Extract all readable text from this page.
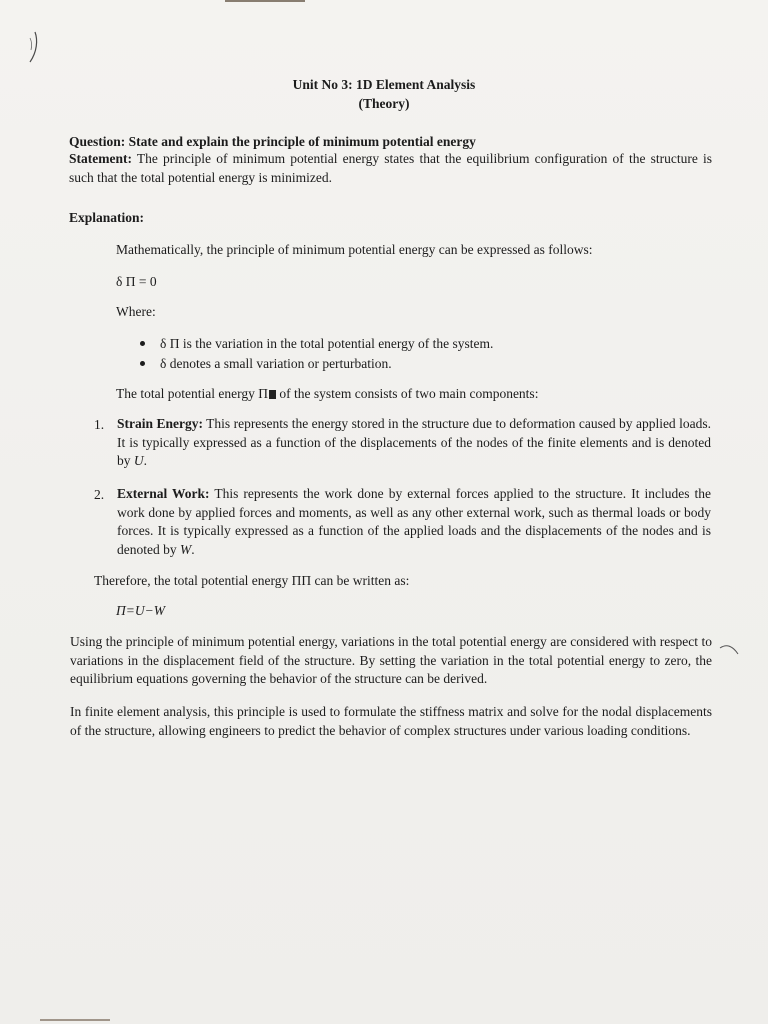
Unit No 3: 1D Element Analysis
(Theory)
Question: State and explain the principle of minimum potential energy
Statement: The principle of minimum potential energy states that the equilibrium configuration of the structure is such that the total potential energy is minimized.
Explanation:
Mathematically, the principle of minimum potential energy can be expressed as follows:
δ Π = 0
Where:
δ Π is the variation in the total potential energy of the system.
δ denotes a small variation or perturbation.
The total potential energy Π of the system consists of two main components:
1. Strain Energy: This represents the energy stored in the structure due to deformation caused by applied loads. It is typically expressed as a function of the displacements of the nodes of the finite elements and is denoted by U.
2. External Work: This represents the work done by external forces applied to the structure. It includes the work done by applied forces and moments, as well as any other external work, such as thermal loads or body forces. It is typically expressed as a function of the applied loads and the displacements of the nodes and is denoted by W.
Therefore, the total potential energy ΠΠ can be written as:
Π=U−W
Using the principle of minimum potential energy, variations in the total potential energy are considered with respect to variations in the displacement field of the structure. By setting the variation in the total potential energy to zero, the equilibrium equations governing the behavior of the structure can be derived.
In finite element analysis, this principle is used to formulate the stiffness matrix and solve for the nodal displacements of the structure, allowing engineers to predict the behavior of complex structures under various loading conditions.
